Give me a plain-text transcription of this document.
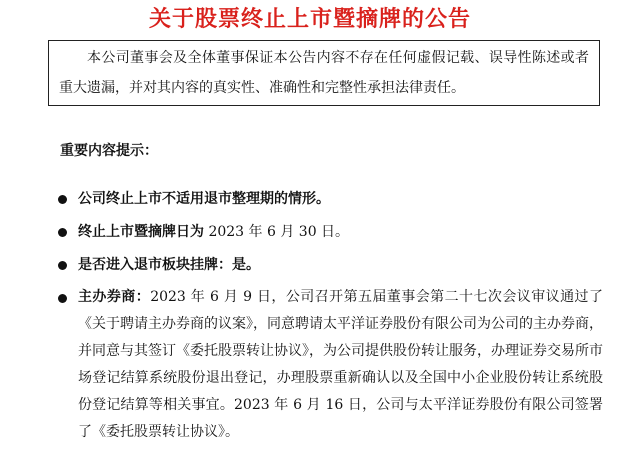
关于股票终止上市暨摘牌的公告

本公司董事会及全体董事保证本公告内容不存在任何虚假记载、误导性陈述或者重大遗漏，并对其内容的真实性、准确性和完整性承担法律责任。

重要内容提示：
公司终止上市不适用退市整理期的情形。
终止上市暨摘牌日为 2023 年 6 月 30 日。
是否进入退市板块挂牌：是。
主办券商：2023 年 6 月 9 日，公司召开第五届董事会第二十七次会议审议通过了《关于聘请主办券商的议案》，同意聘请太平洋证券股份有限公司为公司的主办券商，并同意与其签订《委托股票转让协议》，为公司提供股份转让服务，办理证券交易所市场登记结算系统股份退出登记，办理股票重新确认以及全国中小企业股份转让系统股份登记结算等相关事宜。2023 年 6 月 16 日，公司与太平洋证券股份有限公司签署了《委托股票转让协议》。
